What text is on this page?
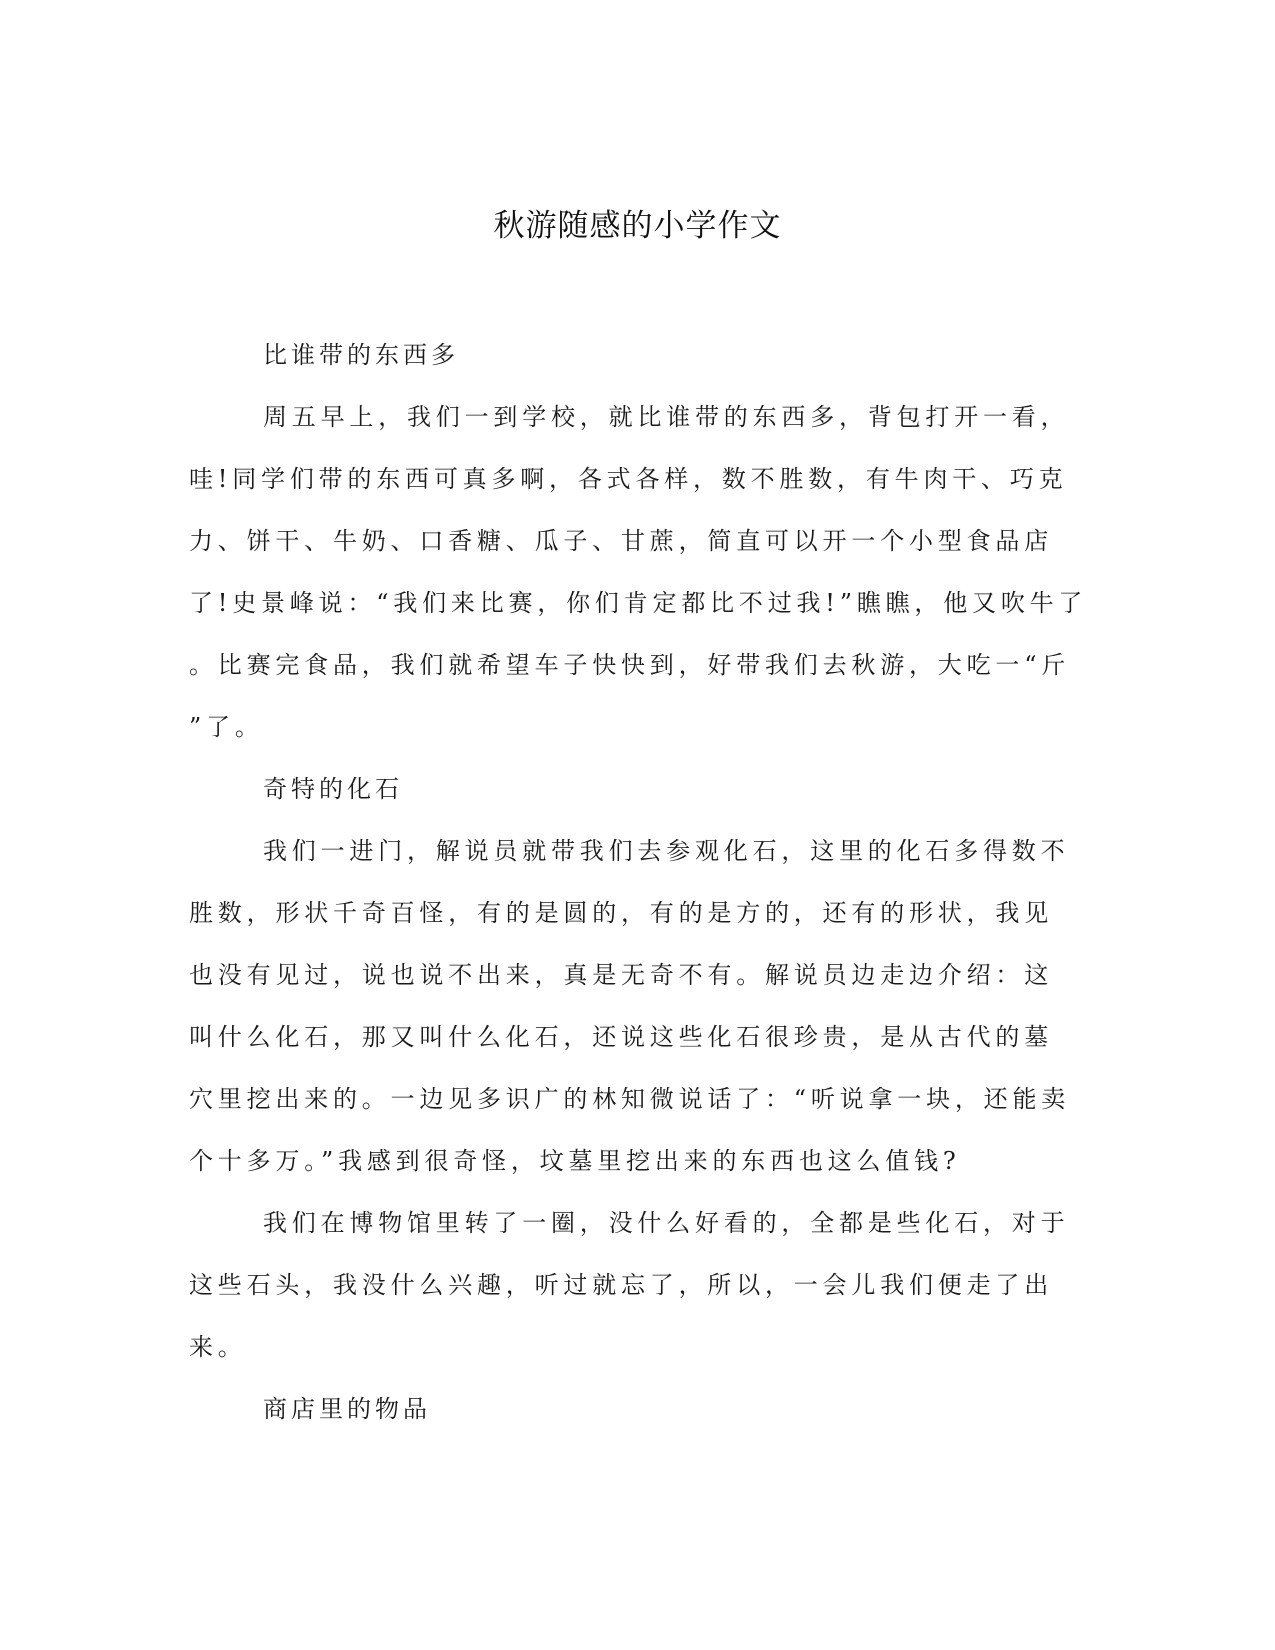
秋游随感的小学作文

比谁带的东西多

周五早上，我们一到学校，就比谁带的东西多，背包打开一看，
哇!同学们带的东西可真多啊，各式各样，数不胜数，有牛肉干、巧克
力、饼干、牛奶、口香糖、瓜子、甘蔗，简直可以开一个小型食品店
了!史景峰说：“我们来比赛，你们肯定都比不过我!”瞧瞧，他又吹牛了
。比赛完食品，我们就希望车子快快到，好带我们去秋游，大吃一“斤
”了。

奇特的化石

我们一进门，解说员就带我们去参观化石，这里的化石多得数不
胜数，形状千奇百怪，有的是圆的，有的是方的，还有的形状，我见
也没有见过，说也说不出来，真是无奇不有。解说员边走边介绍：这
叫什么化石，那又叫什么化石，还说这些化石很珍贵，是从古代的墓
穴里挖出来的。一边见多识广的林知微说话了：“听说拿一块，还能卖
个十多万。”我感到很奇怪，坟墓里挖出来的东西也这么值钱?

我们在博物馆里转了一圈，没什么好看的，全都是些化石，对于
这些石头，我没什么兴趣，听过就忘了，所以，一会儿我们便走了出
来。

商店里的物品
